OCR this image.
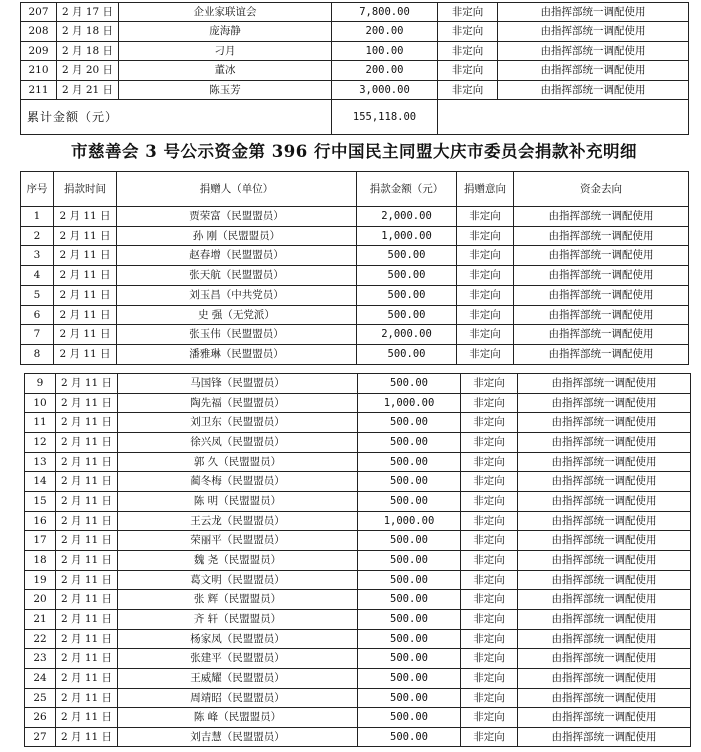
207	2 月 17 日	企业家联谊会	7,800.00	非定向	由指挥部统一调配使用
208	2 月 18 日	庞海静	200.00	非定向	由指挥部统一调配使用
209	2 月 18 日	刁月	100.00	非定向	由指挥部统一调配使用
210	2 月 20 日	董冰	200.00	非定向	由指挥部统一调配使用
211	2 月 21 日	陈玉芳	3,000.00	非定向	由指挥部统一调配使用
累计金额（元）			155,118.00		
市慈善会 3 号公示资金第 396 行中国民主同盟大庆市委员会捐款补充明细
序号	捐款时间	捐赠人（单位）	捐款金额（元）	捐赠意向	资金去向
1	2 月 11 日	贾荣富（民盟盟员）	2,000.00	非定向	由指挥部统一调配使用
2	2 月 11 日	孙 刚（民盟盟员）	1,000.00	非定向	由指挥部统一调配使用
3	2 月 11 日	赵春增（民盟盟员）	500.00	非定向	由指挥部统一调配使用
4	2 月 11 日	张天航（民盟盟员）	500.00	非定向	由指挥部统一调配使用
5	2 月 11 日	刘玉昌（中共党员）	500.00	非定向	由指挥部统一调配使用
6	2 月 11 日	史 强（无党派）	500.00	非定向	由指挥部统一调配使用
7	2 月 11 日	张玉伟（民盟盟员）	2,000.00	非定向	由指挥部统一调配使用
8	2 月 11 日	潘雅琳（民盟盟员）	500.00	非定向	由指挥部统一调配使用
9	2 月 11 日	马国锋（民盟盟员）	500.00	非定向	由指挥部统一调配使用
10	2 月 11 日	陶先福（民盟盟员）	1,000.00	非定向	由指挥部统一调配使用
11	2 月 11 日	刘卫东（民盟盟员）	500.00	非定向	由指挥部统一调配使用
12	2 月 11 日	徐兴凤（民盟盟员）	500.00	非定向	由指挥部统一调配使用
13	2 月 11 日	郭 久（民盟盟员）	500.00	非定向	由指挥部统一调配使用
14	2 月 11 日	蔺冬梅（民盟盟员）	500.00	非定向	由指挥部统一调配使用
15	2 月 11 日	陈 明（民盟盟员）	500.00	非定向	由指挥部统一调配使用
16	2 月 11 日	王云龙（民盟盟员）	1,000.00	非定向	由指挥部统一调配使用
17	2 月 11 日	荣丽平（民盟盟员）	500.00	非定向	由指挥部统一调配使用
18	2 月 11 日	魏 尧（民盟盟员）	500.00	非定向	由指挥部统一调配使用
19	2 月 11 日	葛文明（民盟盟员）	500.00	非定向	由指挥部统一调配使用
20	2 月 11 日	张 辉（民盟盟员）	500.00	非定向	由指挥部统一调配使用
21	2 月 11 日	齐 轩（民盟盟员）	500.00	非定向	由指挥部统一调配使用
22	2 月 11 日	杨家凤（民盟盟员）	500.00	非定向	由指挥部统一调配使用
23	2 月 11 日	张建平（民盟盟员）	500.00	非定向	由指挥部统一调配使用
24	2 月 11 日	王威耀（民盟盟员）	500.00	非定向	由指挥部统一调配使用
25	2 月 11 日	周靖昭（民盟盟员）	500.00	非定向	由指挥部统一调配使用
26	2 月 11 日	陈 峰（民盟盟员）	500.00	非定向	由指挥部统一调配使用
27	2 月 11 日	刘吉慧（民盟盟员）	500.00	非定向	由指挥部统一调配使用
